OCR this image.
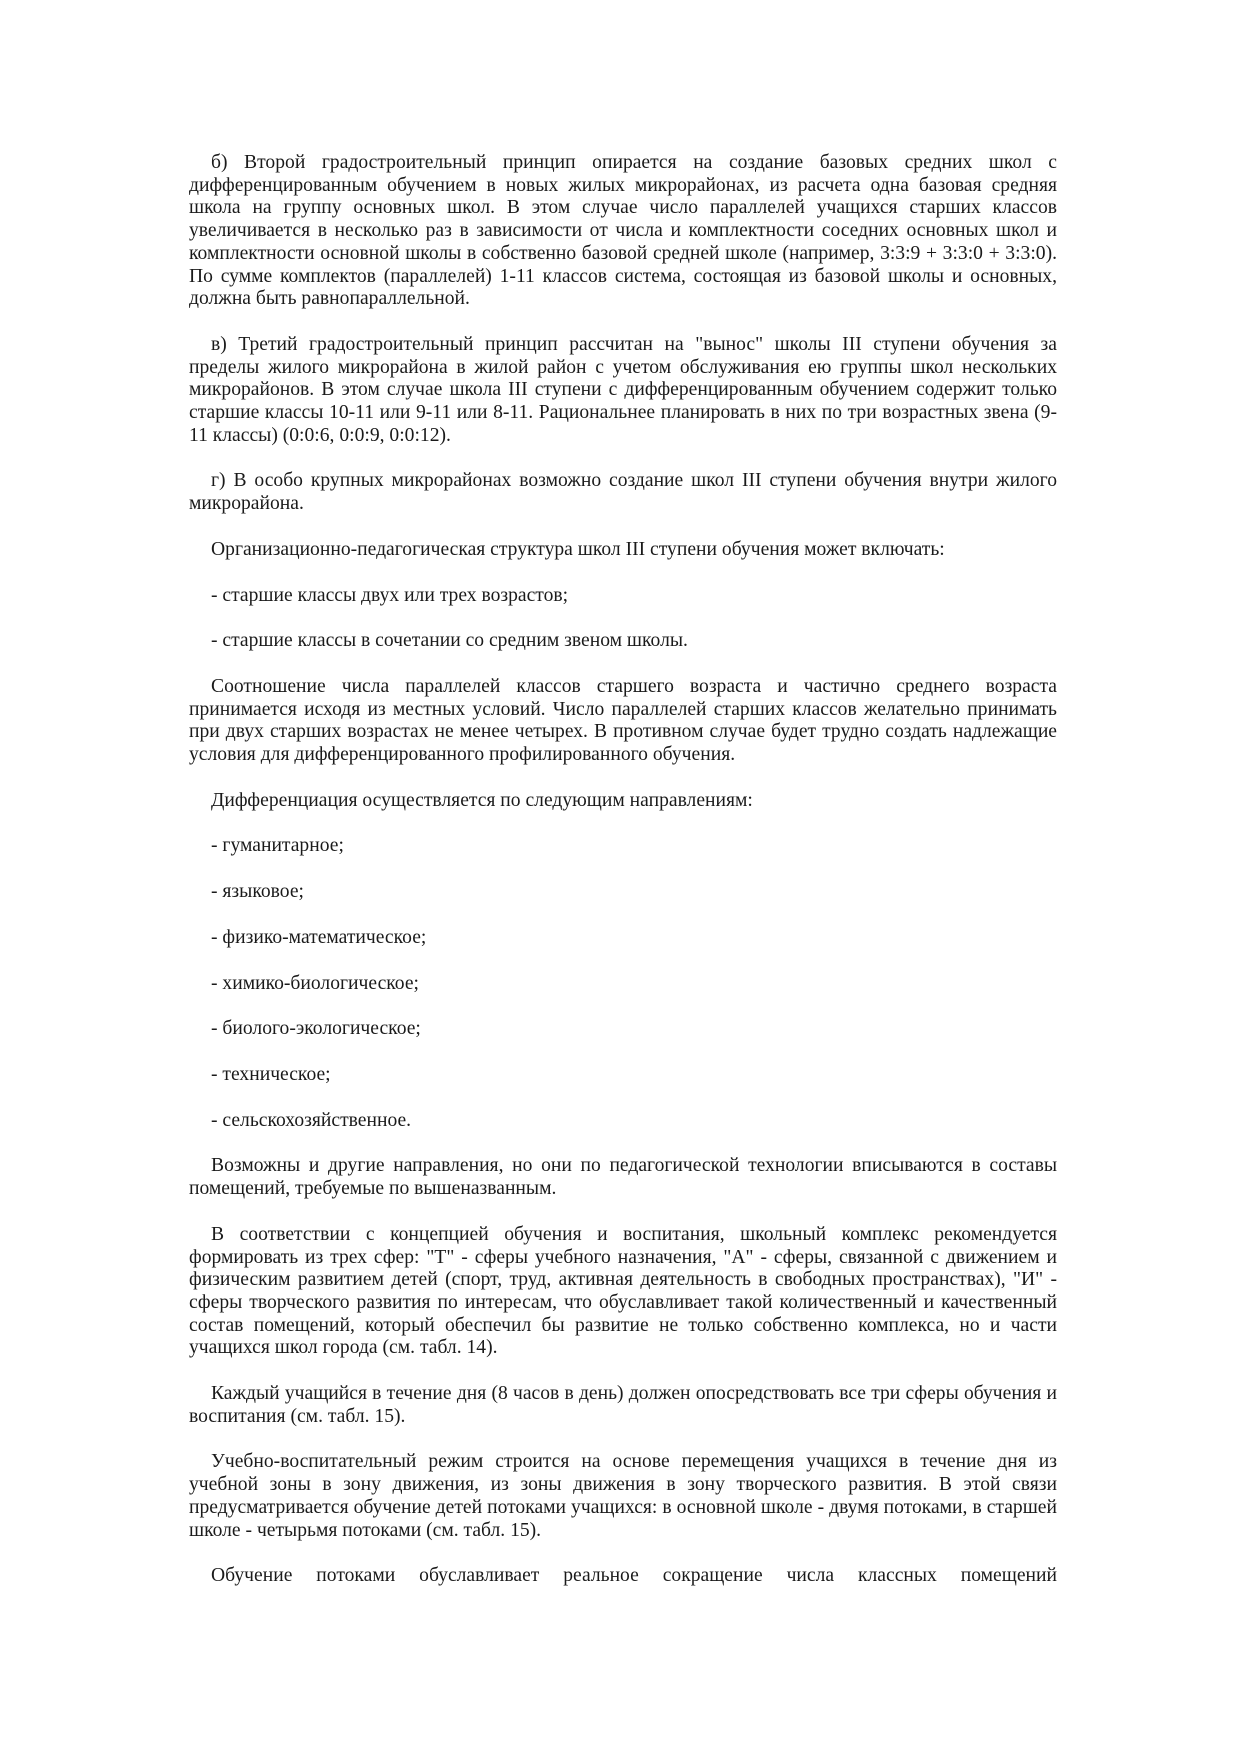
б) Второй градостроительный принцип опирается на создание базовых средних школ с дифференцированным обучением в новых жилых микрорайонах, из расчета одна базовая средняя школа на группу основных школ. В этом случае число параллелей учащихся старших классов увеличивается в несколько раз в зависимости от числа и комплектности соседних основных школ и комплектности основной школы в собственно базовой средней школе (например, 3:3:9 + 3:3:0 + 3:3:0). По сумме комплектов (параллелей) 1-11 классов система, состоящая из базовой школы и основных, должна быть равнопараллельной.

в) Третий градостроительный принцип рассчитан на "вынос" школы III ступени обучения за пределы жилого микрорайона в жилой район с учетом обслуживания ею группы школ нескольких микрорайонов. В этом случае школа III ступени с дифференцированным обучением содержит только старшие классы 10-11 или 9-11 или 8-11. Рациональнее планировать в них по три возрастных звена (9-11 классы) (0:0:6, 0:0:9, 0:0:12).

г) В особо крупных микрорайонах возможно создание школ III ступени обучения внутри жилого микрорайона.

Организационно-педагогическая структура школ III ступени обучения может включать:

- старшие классы двух или трех возрастов;

- старшие классы в сочетании со средним звеном школы.

Соотношение числа параллелей классов старшего возраста и частично среднего возраста принимается исходя из местных условий. Число параллелей старших классов желательно принимать при двух старших возрастах не менее четырех. В противном случае будет трудно создать надлежащие условия для дифференцированного профилированного обучения.

Дифференциация осуществляется по следующим направлениям:

- гуманитарное;

- языковое;

- физико-математическое;

- химико-биологическое;

- биолого-экологическое;

- техническое;

- сельскохозяйственное.

Возможны и другие направления, но они по педагогической технологии вписываются в составы помещений, требуемые по вышеназванным.

В соответствии с концепцией обучения и воспитания, школьный комплекс рекомендуется формировать из трех сфер: "Т" - сферы учебного назначения, "А" - сферы, связанной с движением и физическим развитием детей (спорт, труд, активная деятельность в свободных пространствах), "И" - сферы творческого развития по интересам, что обуславливает такой количественный и качественный состав помещений, который обеспечил бы развитие не только собственно комплекса, но и части учащихся школ города (см. табл. 14).

Каждый учащийся в течение дня (8 часов в день) должен опосредствовать все три сферы обучения и воспитания (см. табл. 15).

Учебно-воспитательный режим строится на основе перемещения учащихся в течение дня из учебной зоны в зону движения, из зоны движения в зону творческого развития. В этой связи предусматривается обучение детей потоками учащихся: в основной школе - двумя потоками, в старшей школе - четырьмя потоками (см. табл. 15).

Обучение потоками обуславливает реальное сокращение числа классных помещений
